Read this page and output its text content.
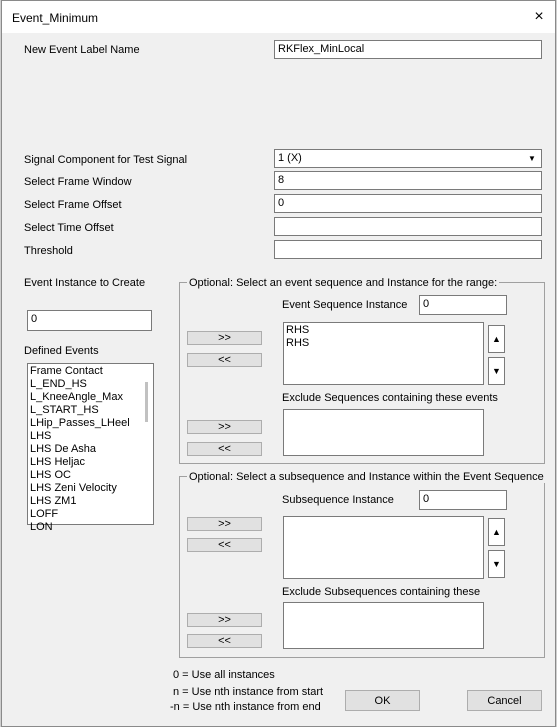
Event_Minimum	×
New Event Label Name	RKFlex_MinLocal
Signal Component for Test Signal	1 (X)	▼
Select Frame Window	8
Select Frame Offset	0
Select Time Offset
Threshold
Event Instance to Create
0
Defined Events
Frame Contact
L_END_HS
L_KneeAngle_Max
L_START_HS
LHip_Passes_LHeel
LHS
LHS De Asha
LHS Heljac
LHS OC
LHS Zeni Velocity
LHS ZM1
LOFF
LON
Optional: Select an event sequence and Instance for the range:
Event Sequence Instance	0
>>
<<
RHS
RHS	▲
▼
Exclude Sequences containing these events
>>
<<
Optional: Select a subsequence and Instance within the Event Sequence
Subsequence Instance	0
>>
<<
▲
▼
Exclude Subsequences containing these
>>
<<
0 = Use all instances
n = Use nth instance from start
-n = Use nth instance from end
OK	Cancel
